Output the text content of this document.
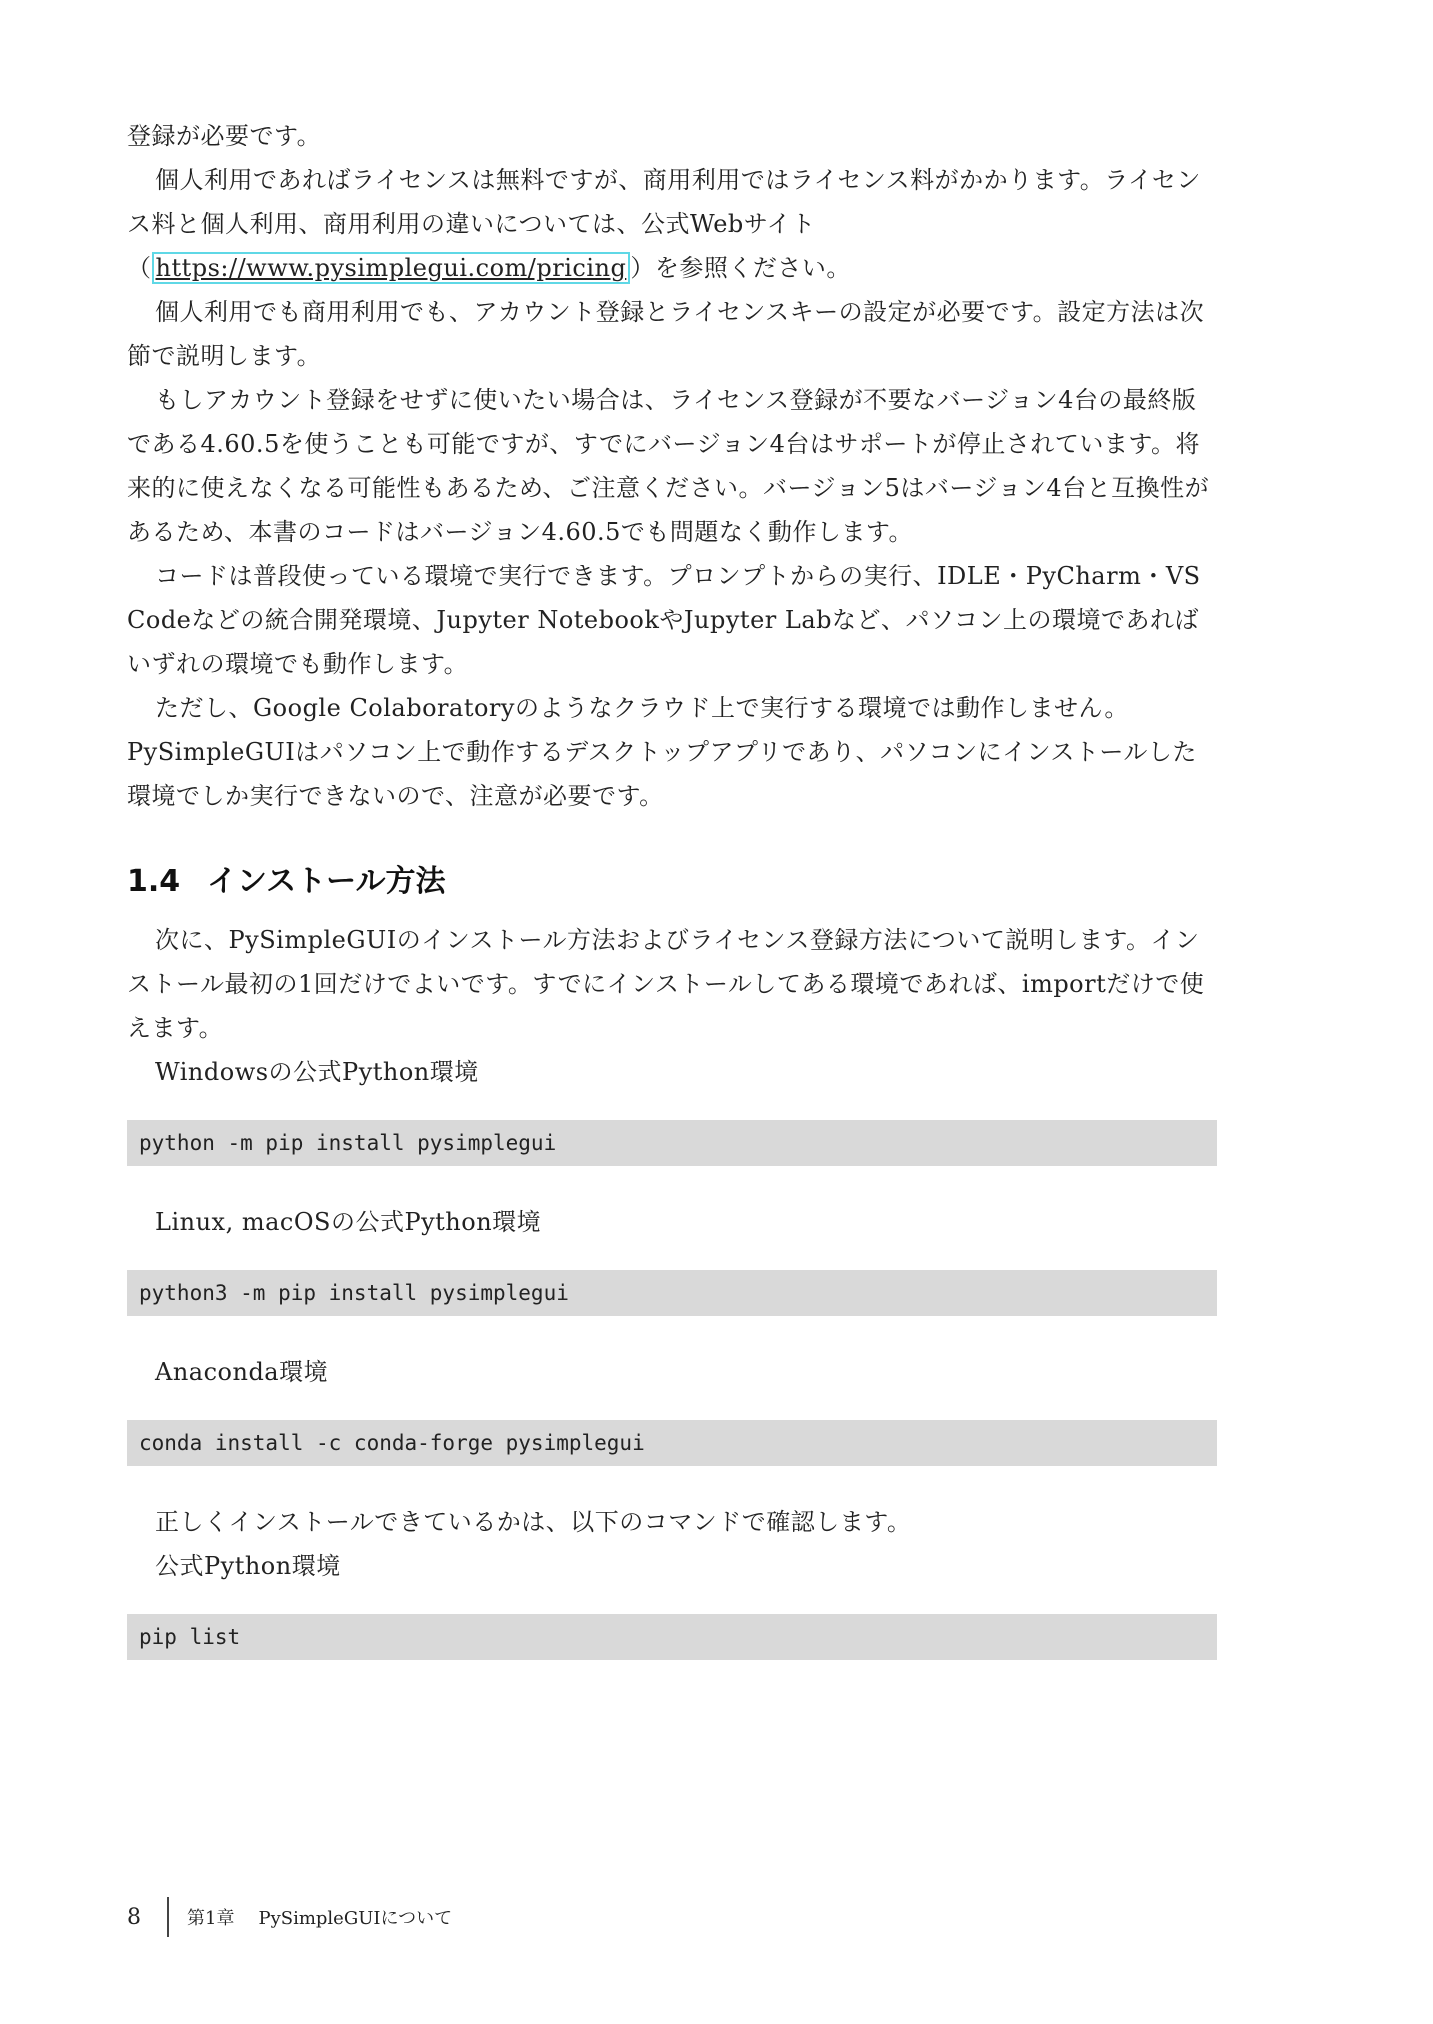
登録が必要です。

個人利用であればライセンスは無料ですが、商用利用ではライセンス料がかかります。ライセンス料と個人利用、商用利用の違いについては、公式Webサイト（ https://www.pysimplegui.com/pricing ）を参照ください。

個人利用でも商用利用でも、アカウント登録とライセンスキーの設定が必要です。設定方法は次節で説明します。

もしアカウント登録をせずに使いたい場合は、ライセンス登録が不要なバージョン4台の最終版である4.60.5を使うことも可能ですが、すでにバージョン4台はサポートが停止されています。将来的に使えなくなる可能性もあるため、ご注意ください。バージョン5はバージョン4台と互換性があるため、本書のコードはバージョン4.60.5でも問題なく動作します。

コードは普段使っている環境で実行できます。プロンプトからの実行、IDLE・PyCharm・VS Codeなどの統合開発環境、Jupyter NotebookやJupyter Labなど、パソコン上の環境であればいずれの環境でも動作します。

ただし、Google Colaboratoryのようなクラウド上で実行する環境では動作しません。PySimpleGUIはパソコン上で動作するデスクトップアプリであり、パソコンにインストールした環境でしか実行できないので、注意が必要です。

1.4 インストール方法

次に、PySimpleGUIのインストール方法およびライセンス登録方法について説明します。インストール最初の1回だけでよいです。すでにインストールしてある環境であれば、importだけで使えます。

Windowsの公式Python環境

python -m pip install pysimplegui

Linux, macOSの公式Python環境

python3 -m pip install pysimplegui

Anaconda環境

conda install -c conda-forge pysimplegui

正しくインストールできているかは、以下のコマンドで確認します。

公式Python環境

pip list
8	第1章 PySimpleGUIについて
